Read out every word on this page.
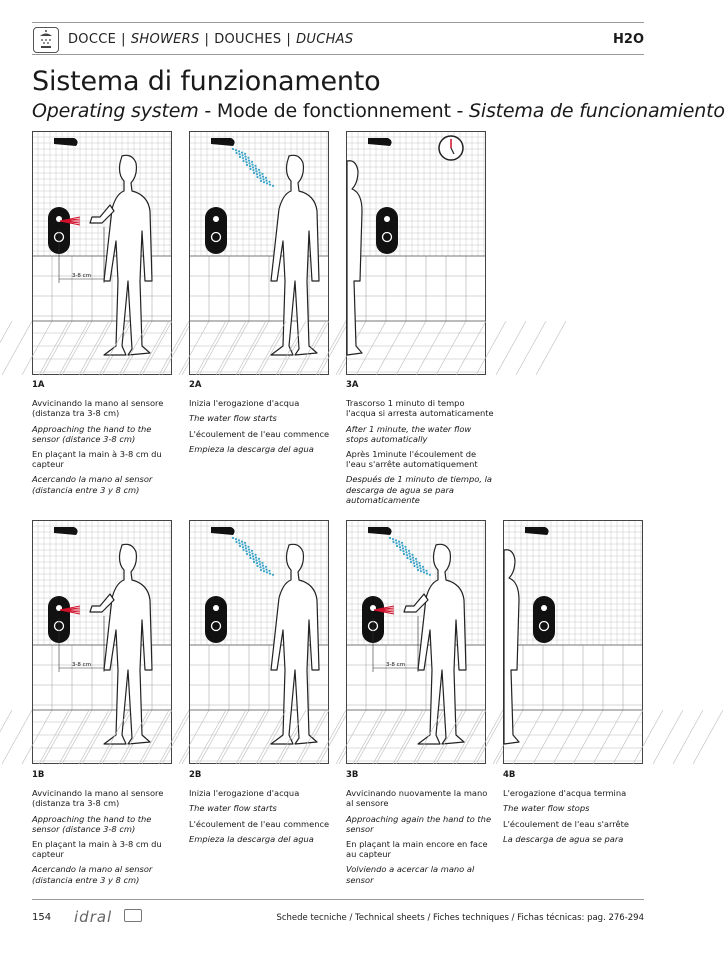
DOCCE | SHOWERS | DOUCHES | DUCHAS	H2O
Sistema di funzionamento
Operating system - Mode de fonctionnement - Sistema de funcionamiento
3-8 cm
3-8 cm	3-8 cm
1A

Avvicinando la mano al sensore (distanza tra 3-8 cm)

Approaching the hand to the sensor (distance 3-8 cm)

En plaçant la main à 3-8 cm du capteur

Acercando la mano al sensor (distancia entre 3 y 8 cm)

2A

Inizia l'erogazione d'acqua

The water flow starts

L'écoulement de l'eau commence

Empieza la descarga del agua

3A

Trascorso 1 minuto di tempo l'acqua si arresta automaticamente

After 1 minute, the water flow stops automatically

Après 1minute l'écoulement de l'eau s'arrête automatiquement

Después de 1 minuto de tiempo, la descarga de agua se para automaticamente

1B

Avvicinando la mano al sensore (distanza tra 3-8 cm)

Approaching the hand to the sensor (distance 3-8 cm)

En plaçant la main à 3-8 cm du capteur

Acercando la mano al sensor (distancia entre 3 y 8 cm)

2B

Inizia l'erogazione d'acqua

The water flow starts

L'écoulement de l'eau commence

Empieza la descarga del agua

3B

Avvicinando nuovamente la mano al sensore

Approaching again the hand to the sensor

En plaçant la main encore en face au capteur

Volviendo a acercar la mano al sensor

4B

L'erogazione d'acqua termina

The water flow stops

L'écoulement de l'eau s'arrête

La descarga de agua se para

154 idral	Schede tecniche / Technical sheets / Fiches techniques / Fichas técnicas: pag. 276-294
